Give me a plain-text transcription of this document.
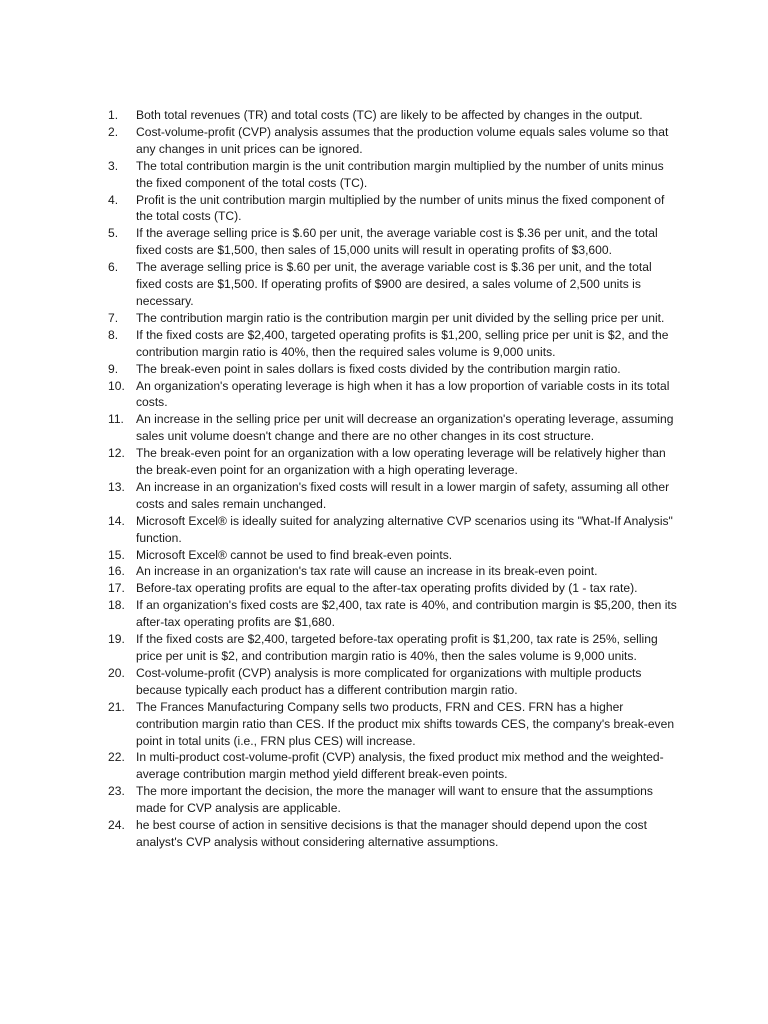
1.	Both total revenues (TR) and total costs (TC) are likely to be affected by changes in the output.
2.	Cost-volume-profit (CVP) analysis assumes that the production volume equals sales volume so that any changes in unit prices can be ignored.
3.	The total contribution margin is the unit contribution margin multiplied by the number of units minus the fixed component of the total costs (TC).
4.	Profit is the unit contribution margin multiplied by the number of units minus the fixed component of the total costs (TC).
5.	If the average selling price is $.60 per unit, the average variable cost is $.36 per unit, and the total fixed costs are $1,500, then sales of 15,000 units will result in operating profits of $3,600.
6.	The average selling price is $.60 per unit, the average variable cost is $.36 per unit, and the total fixed costs are $1,500. If operating profits of $900 are desired, a sales volume of 2,500 units is necessary.
7.	The contribution margin ratio is the contribution margin per unit divided by the selling price per unit.
8.	If the fixed costs are $2,400, targeted operating profits is $1,200, selling price per unit is $2, and the contribution margin ratio is 40%, then the required sales volume is 9,000 units.
9.	The break-even point in sales dollars is fixed costs divided by the contribution margin ratio.
10. An organization's operating leverage is high when it has a low proportion of variable costs in its total costs.
11. An increase in the selling price per unit will decrease an organization's operating leverage, assuming sales unit volume doesn't change and there are no other changes in its cost structure.
12. The break-even point for an organization with a low operating leverage will be relatively higher than the break-even point for an organization with a high operating leverage.
13. An increase in an organization's fixed costs will result in a lower margin of safety, assuming all other costs and sales remain unchanged.
14. Microsoft Excel® is ideally suited for analyzing alternative CVP scenarios using its "What-If Analysis" function.
15. Microsoft Excel® cannot be used to find break-even points.
16. An increase in an organization's tax rate will cause an increase in its break-even point.
17. Before-tax operating profits are equal to the after-tax operating profits divided by (1 - tax rate).
18. If an organization's fixed costs are $2,400, tax rate is 40%, and contribution margin is $5,200, then its after-tax operating profits are $1,680.
19. If the fixed costs are $2,400, targeted before-tax operating profit is $1,200, tax rate is 25%, selling price per unit is $2, and contribution margin ratio is 40%, then the sales volume is 9,000 units.
20. Cost-volume-profit (CVP) analysis is more complicated for organizations with multiple products because typically each product has a different contribution margin ratio.
21. The Frances Manufacturing Company sells two products, FRN and CES. FRN has a higher contribution margin ratio than CES. If the product mix shifts towards CES, the company's break-even point in total units (i.e., FRN plus CES) will increase.
22. In multi-product cost-volume-profit (CVP) analysis, the fixed product mix method and the weighted-average contribution margin method yield different break-even points.
23. The more important the decision, the more the manager will want to ensure that the assumptions made for CVP analysis are applicable.
24. he best course of action in sensitive decisions is that the manager should depend upon the cost analyst's CVP analysis without considering alternative assumptions.
